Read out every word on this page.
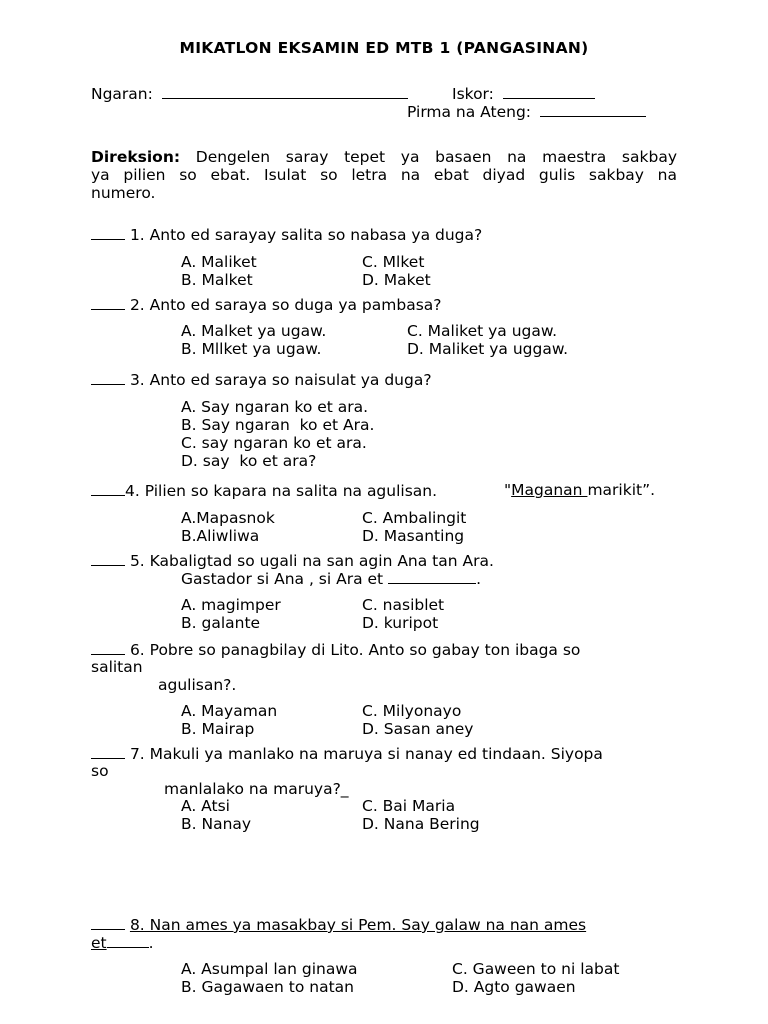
MIKATLON EKSAMIN ED MTB 1 (PANGASINAN)
Ngaran:	Iskor:
Pirma na Ateng:
Direksion: Dengelen saray tepet ya basaen na maestra sakbay
ya pilien so ebat. Isulat so letra na ebat diyad gulis sakbay na
numero.
1. Anto ed sarayay salita so nabasa ya duga?
A. Maliket	C. Mlket
B. Malket	D. Maket
2. Anto ed saraya so duga ya pambasa?
A. Malket ya ugaw.	C. Maliket ya ugaw.
B. Mllket ya ugaw.	D. Maliket ya uggaw.
3. Anto ed saraya so naisulat ya duga?
A. Say ngaran ko et ara.
B. Say ngaran  ko et Ara.
C. say ngaran ko et ara.
D. say  ko et ara?
4. Pilien so kapara na salita na agulisan.	"Maganan marikit”.
A.Mapasnok	C. Ambalingit
B.Aliwliwa	D. Masanting
5. Kabaligtad so ugali na san agin Ana tan Ara.
Gastador si Ana , si Ara et	.
A. magimper	C. nasiblet
B. galante	D. kuripot
6. Pobre so panagbilay di Lito. Anto so gabay ton ibaga so
salitan
agulisan?.
A. Mayaman	C. Milyonayo
B. Mairap	D. Sasan aney
7. Makuli ya manlako na maruya si nanay ed tindaan. Siyopa
so
manlalako na maruya?_
A. Atsi	C. Bai Maria
B. Nanay	D. Nana Bering
8. Nan ames ya masakbay si Pem. Say galaw na nan ames
et	.
A. Asumpal lan ginawa	C. Gaween to ni labat
B. Gagawaen to natan	D. Agto gawaen
